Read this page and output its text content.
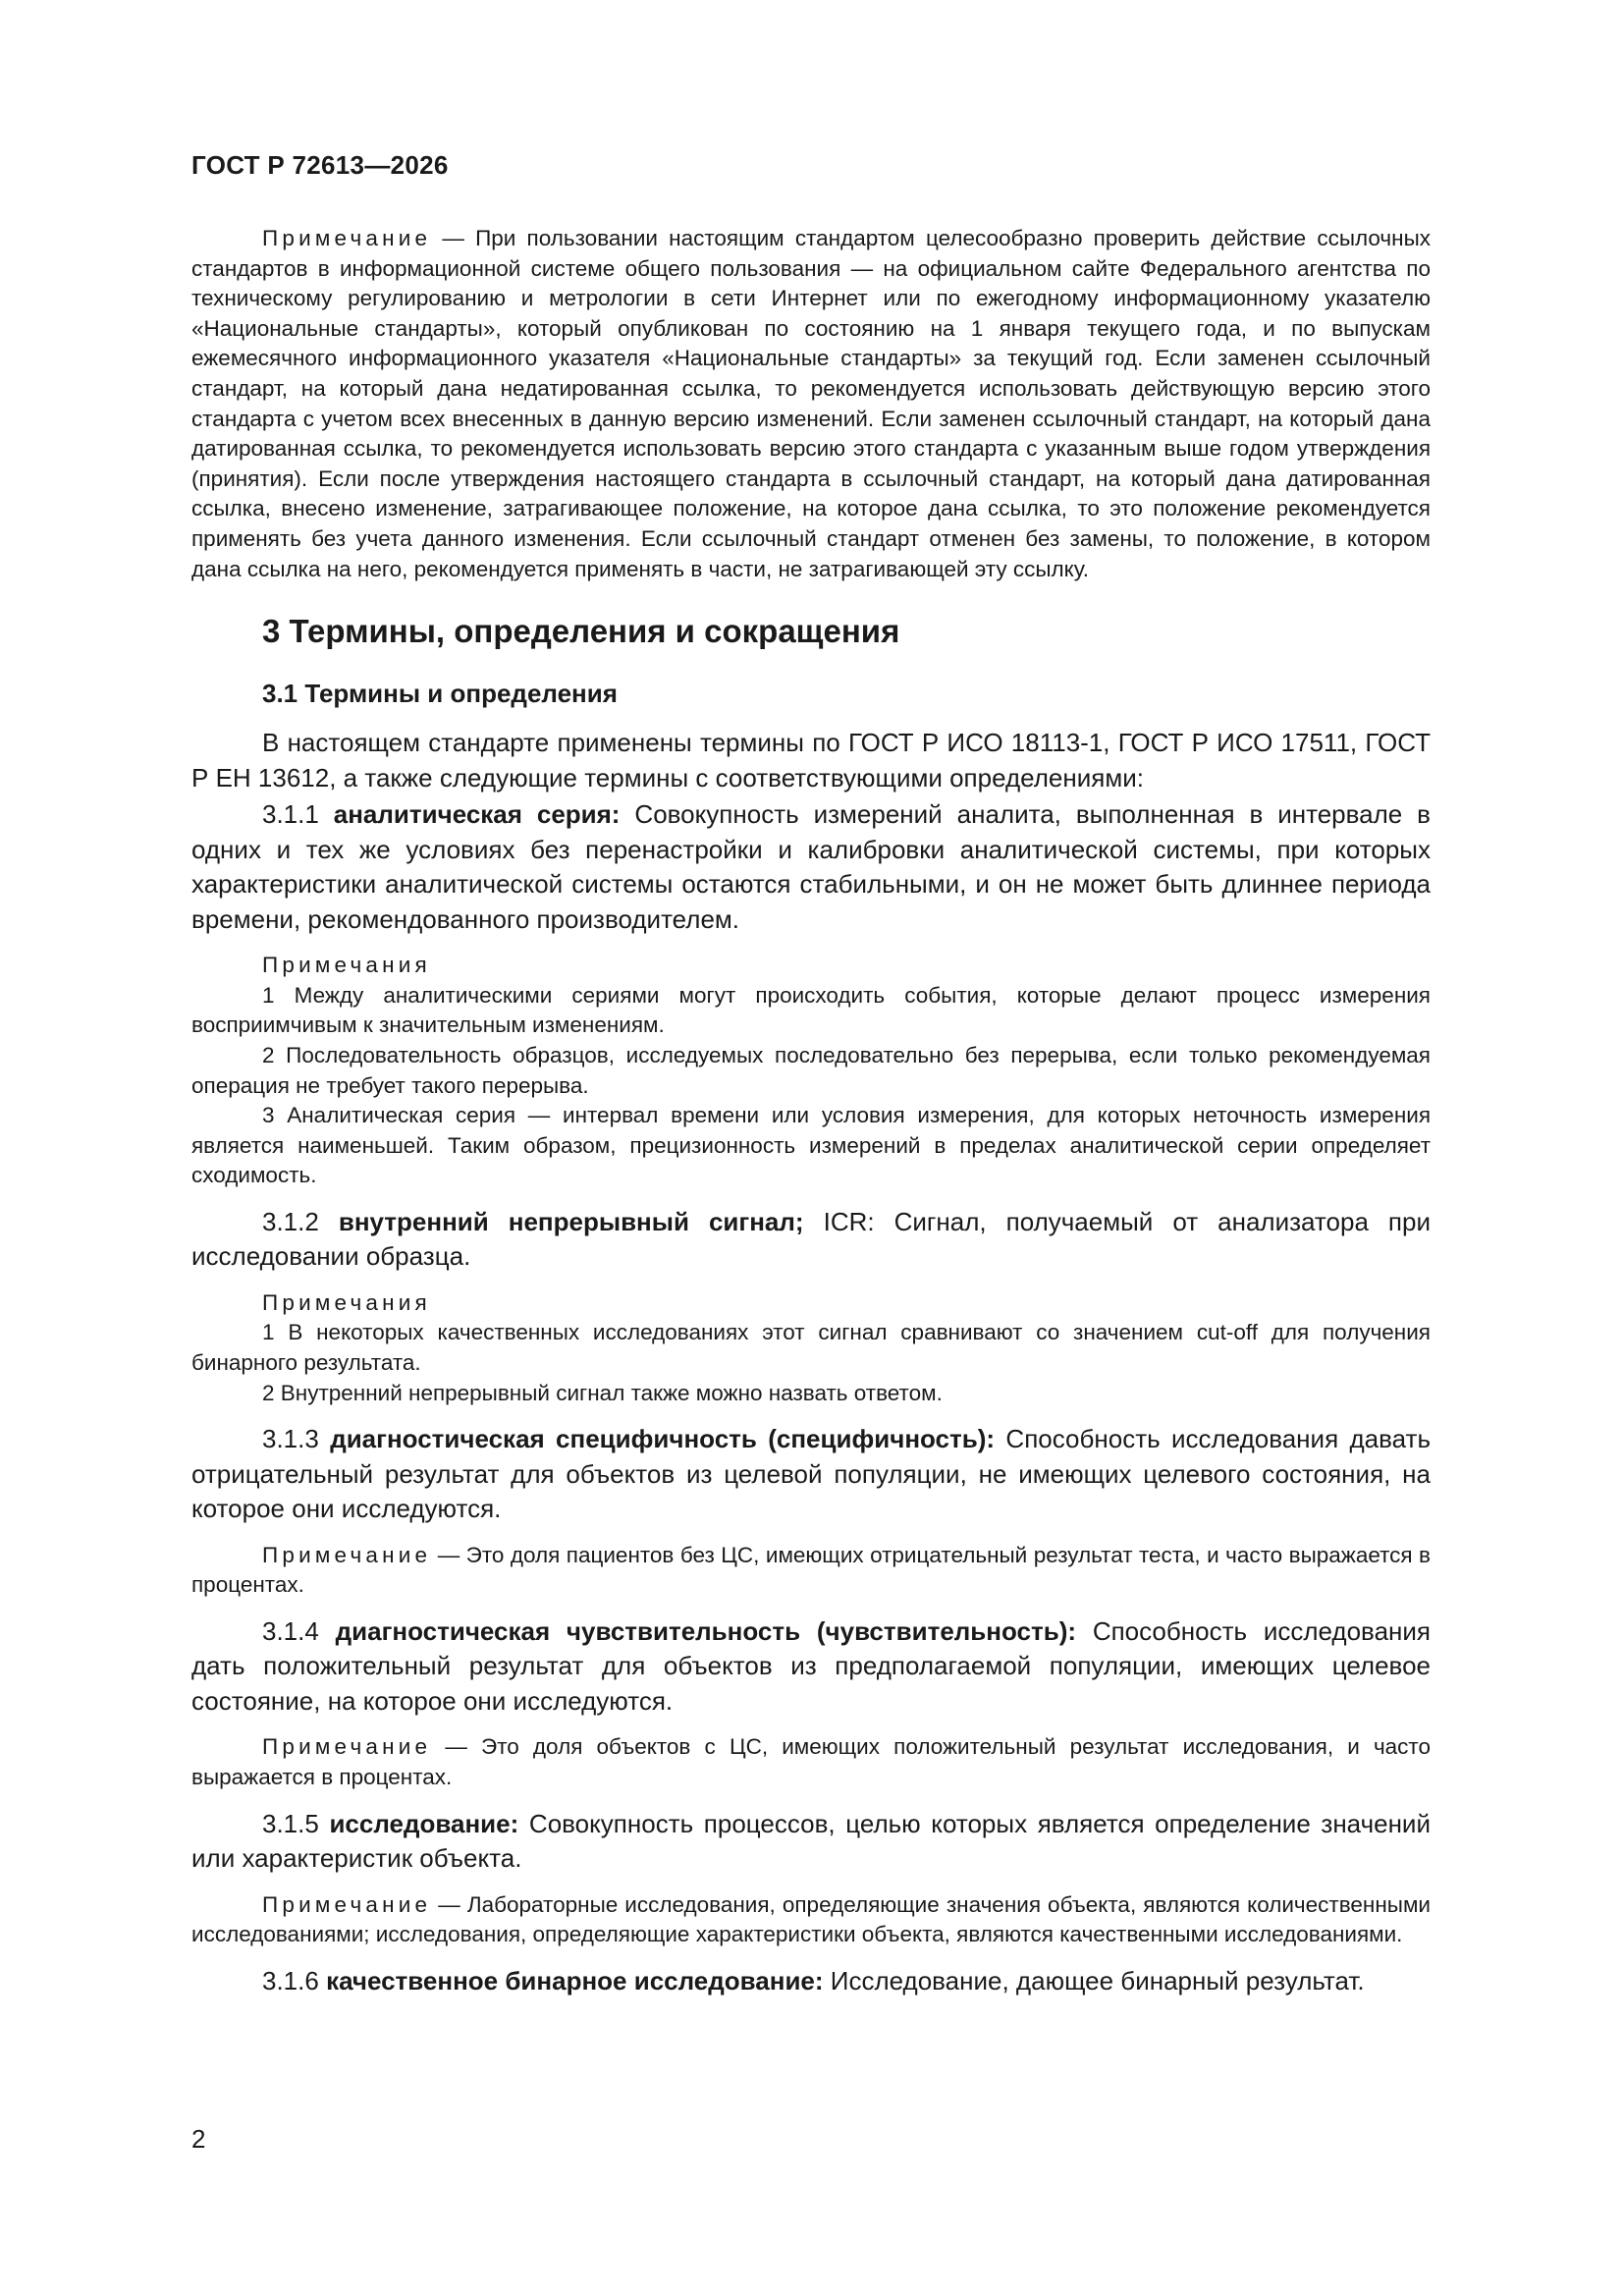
ГОСТ Р 72613—2026

Примечание — При пользовании настоящим стандартом целесообразно проверить действие ссылочных стандартов в информационной системе общего пользования — на официальном сайте Федерального агентства по техническому регулированию и метрологии в сети Интернет или по ежегодному информационному указателю «Национальные стандарты», который опубликован по состоянию на 1 января текущего года, и по выпускам ежемесячного информационного указателя «Национальные стандарты» за текущий год. Если заменен ссылочный стандарт, на который дана недатированная ссылка, то рекомендуется использовать действующую версию этого стандарта с учетом всех внесенных в данную версию изменений. Если заменен ссылочный стандарт, на который дана датированная ссылка, то рекомендуется использовать версию этого стандарта с указанным выше годом утверждения (принятия). Если после утверждения настоящего стандарта в ссылочный стандарт, на который дана датированная ссылка, внесено изменение, затрагивающее положение, на которое дана ссылка, то это положение рекомендуется применять без учета данного изменения. Если ссылочный стандарт отменен без замены, то положение, в котором дана ссылка на него, рекомендуется применять в части, не затрагивающей эту ссылку.

3 Термины, определения и сокращения
3.1 Термины и определения

В настоящем стандарте применены термины по ГОСТ Р ИСО 18113-1, ГОСТ Р ИСО 17511, ГОСТ Р ЕН 13612, а также следующие термины с соответствующими определениями:

3.1.1 аналитическая серия: Совокупность измерений аналита, выполненная в интервале в одних и тех же условиях без перенастройки и калибровки аналитической системы, при которых характеристики аналитической системы остаются стабильными, и он не может быть длиннее периода времени, рекомендованного производителем.

Примечания

1 Между аналитическими сериями могут происходить события, которые делают процесс измерения восприимчивым к значительным изменениям.

2 Последовательность образцов, исследуемых последовательно без перерыва, если только рекомендуемая операция не требует такого перерыва.

3 Аналитическая серия — интервал времени или условия измерения, для которых неточность измерения является наименьшей. Таким образом, прецизионность измерений в пределах аналитической серии определяет сходимость.

3.1.2 внутренний непрерывный сигнал; ICR: Сигнал, получаемый от анализатора при исследовании образца.

Примечания

1 В некоторых качественных исследованиях этот сигнал сравнивают со значением cut-off для получения бинарного результата.

2 Внутренний непрерывный сигнал также можно назвать ответом.

3.1.3 диагностическая специфичность (специфичность): Способность исследования давать отрицательный результат для объектов из целевой популяции, не имеющих целевого состояния, на которое они исследуются.

Примечание — Это доля пациентов без ЦС, имеющих отрицательный результат теста, и часто выражается в процентах.

3.1.4 диагностическая чувствительность (чувствительность): Способность исследования дать положительный результат для объектов из предполагаемой популяции, имеющих целевое состояние, на которое они исследуются.

Примечание — Это доля объектов с ЦС, имеющих положительный результат исследования, и часто выражается в процентах.

3.1.5 исследование: Совокупность процессов, целью которых является определение значений или характеристик объекта.

Примечание — Лабораторные исследования, определяющие значения объекта, являются количественными исследованиями; исследования, определяющие характеристики объекта, являются качественными исследованиями.

3.1.6 качественное бинарное исследование: Исследование, дающее бинарный результат.

2
